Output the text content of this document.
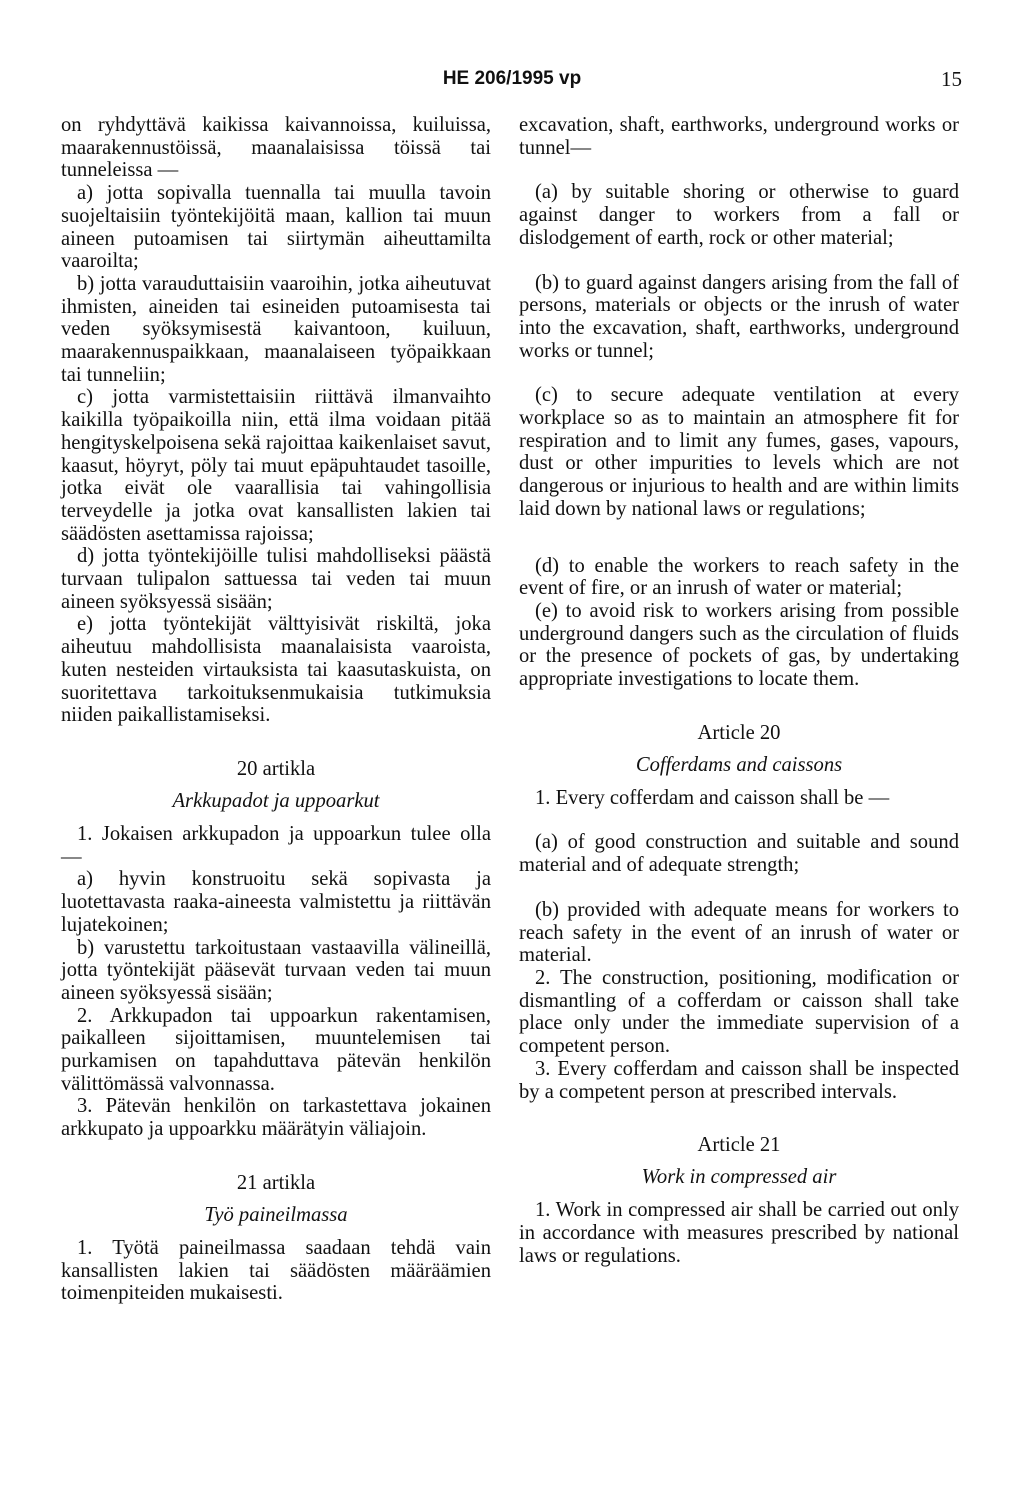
HE 206/1995 vp	15

on ryhdyttävä kaikissa kaivannoissa, kuiluissa, maarakennustöissä, maanalaisissa töissä tai tunneleissa —

a) jotta sopivalla tuennalla tai muulla tavoin suojeltaisiin työntekijöitä maan, kallion tai muun aineen putoamisen tai siirtymän aiheuttamilta vaaroilta;

b) jotta varauduttaisiin vaaroihin, jotka aiheutuvat ihmisten, aineiden tai esineiden putoamisesta tai veden syöksymisestä kaivantoon, kuiluun, maarakennuspaikkaan, maanalaiseen työpaikkaan tai tunneliin;

c) jotta varmistettaisiin riittävä ilmanvaihto kaikilla työpaikoilla niin, että ilma voidaan pitää hengityskelpoisena sekä rajoittaa kaikenlaiset savut, kaasut, höyryt, pöly tai muut epäpuhtaudet tasoille, jotka eivät ole vaarallisia tai vahingollisia terveydelle ja jotka ovat kansallisten lakien tai säädösten asettamissa rajoissa;

d) jotta työntekijöille tulisi mahdolliseksi päästä turvaan tulipalon sattuessa tai veden tai muun aineen syöksyessä sisään;

e) jotta työntekijät välttyisivät riskiltä, joka aiheutuu mahdollisista maanalaisista vaaroista, kuten nesteiden virtauksista tai kaasutaskuista, on suoritettava tarkoituksenmukaisia tutkimuksia niiden paikallistamiseksi.

20 artikla

Arkkupadot ja uppoarkut

1. Jokaisen arkkupadon ja uppoarkun tulee olla —

a) hyvin konstruoitu sekä sopivasta ja luotettavasta raaka-aineesta valmistettu ja riittävän lujatekoinen;

b) varustettu tarkoitustaan vastaavilla välineillä, jotta työntekijät pääsevät turvaan veden tai muun aineen syöksyessä sisään;

2. Arkkupadon tai uppoarkun rakentamisen, paikalleen sijoittamisen, muuntelemisen tai purkamisen on tapahduttava pätevän henkilön välittömässä valvonnassa.

3. Pätevän henkilön on tarkastettava jokainen arkkupato ja uppoarkku määrätyin väliajoin.

21 artikla

Työ paineilmassa

1. Työtä paineilmassa saadaan tehdä vain kansallisten lakien tai säädösten määräämien toimenpiteiden mukaisesti.

excavation, shaft, earthworks, underground works or tunnel—

(a) by suitable shoring or otherwise to guard against danger to workers from a fall or dislodgement of earth, rock or other material;

(b) to guard against dangers arising from the fall of persons, materials or objects or the inrush of water into the excavation, shaft, earthworks, underground works or tunnel;

(c) to secure adequate ventilation at every workplace so as to maintain an atmosphere fit for respiration and to limit any fumes, gases, vapours, dust or other impurities to levels which are not dangerous or injurious to health and are within limits laid down by national laws or regulations;

(d) to enable the workers to reach safety in the event of fire, or an inrush of water or material;

(e) to avoid risk to workers arising from possible underground dangers such as the circulation of fluids or the presence of pockets of gas, by undertaking appropriate investigations to locate them.

Article 20

Cofferdams and caissons

1. Every cofferdam and caisson shall be —

(a) of good construction and suitable and sound material and of adequate strength;

(b) provided with adequate means for workers to reach safety in the event of an inrush of water or material.

2. The construction, positioning, modification or dismantling of a cofferdam or caisson shall take place only under the immediate supervision of a competent person.

3. Every cofferdam and caisson shall be inspected by a competent person at prescribed intervals.

Article 21

Work in compressed air

1. Work in compressed air shall be carried out only in accordance with measures prescribed by national laws or regulations.
